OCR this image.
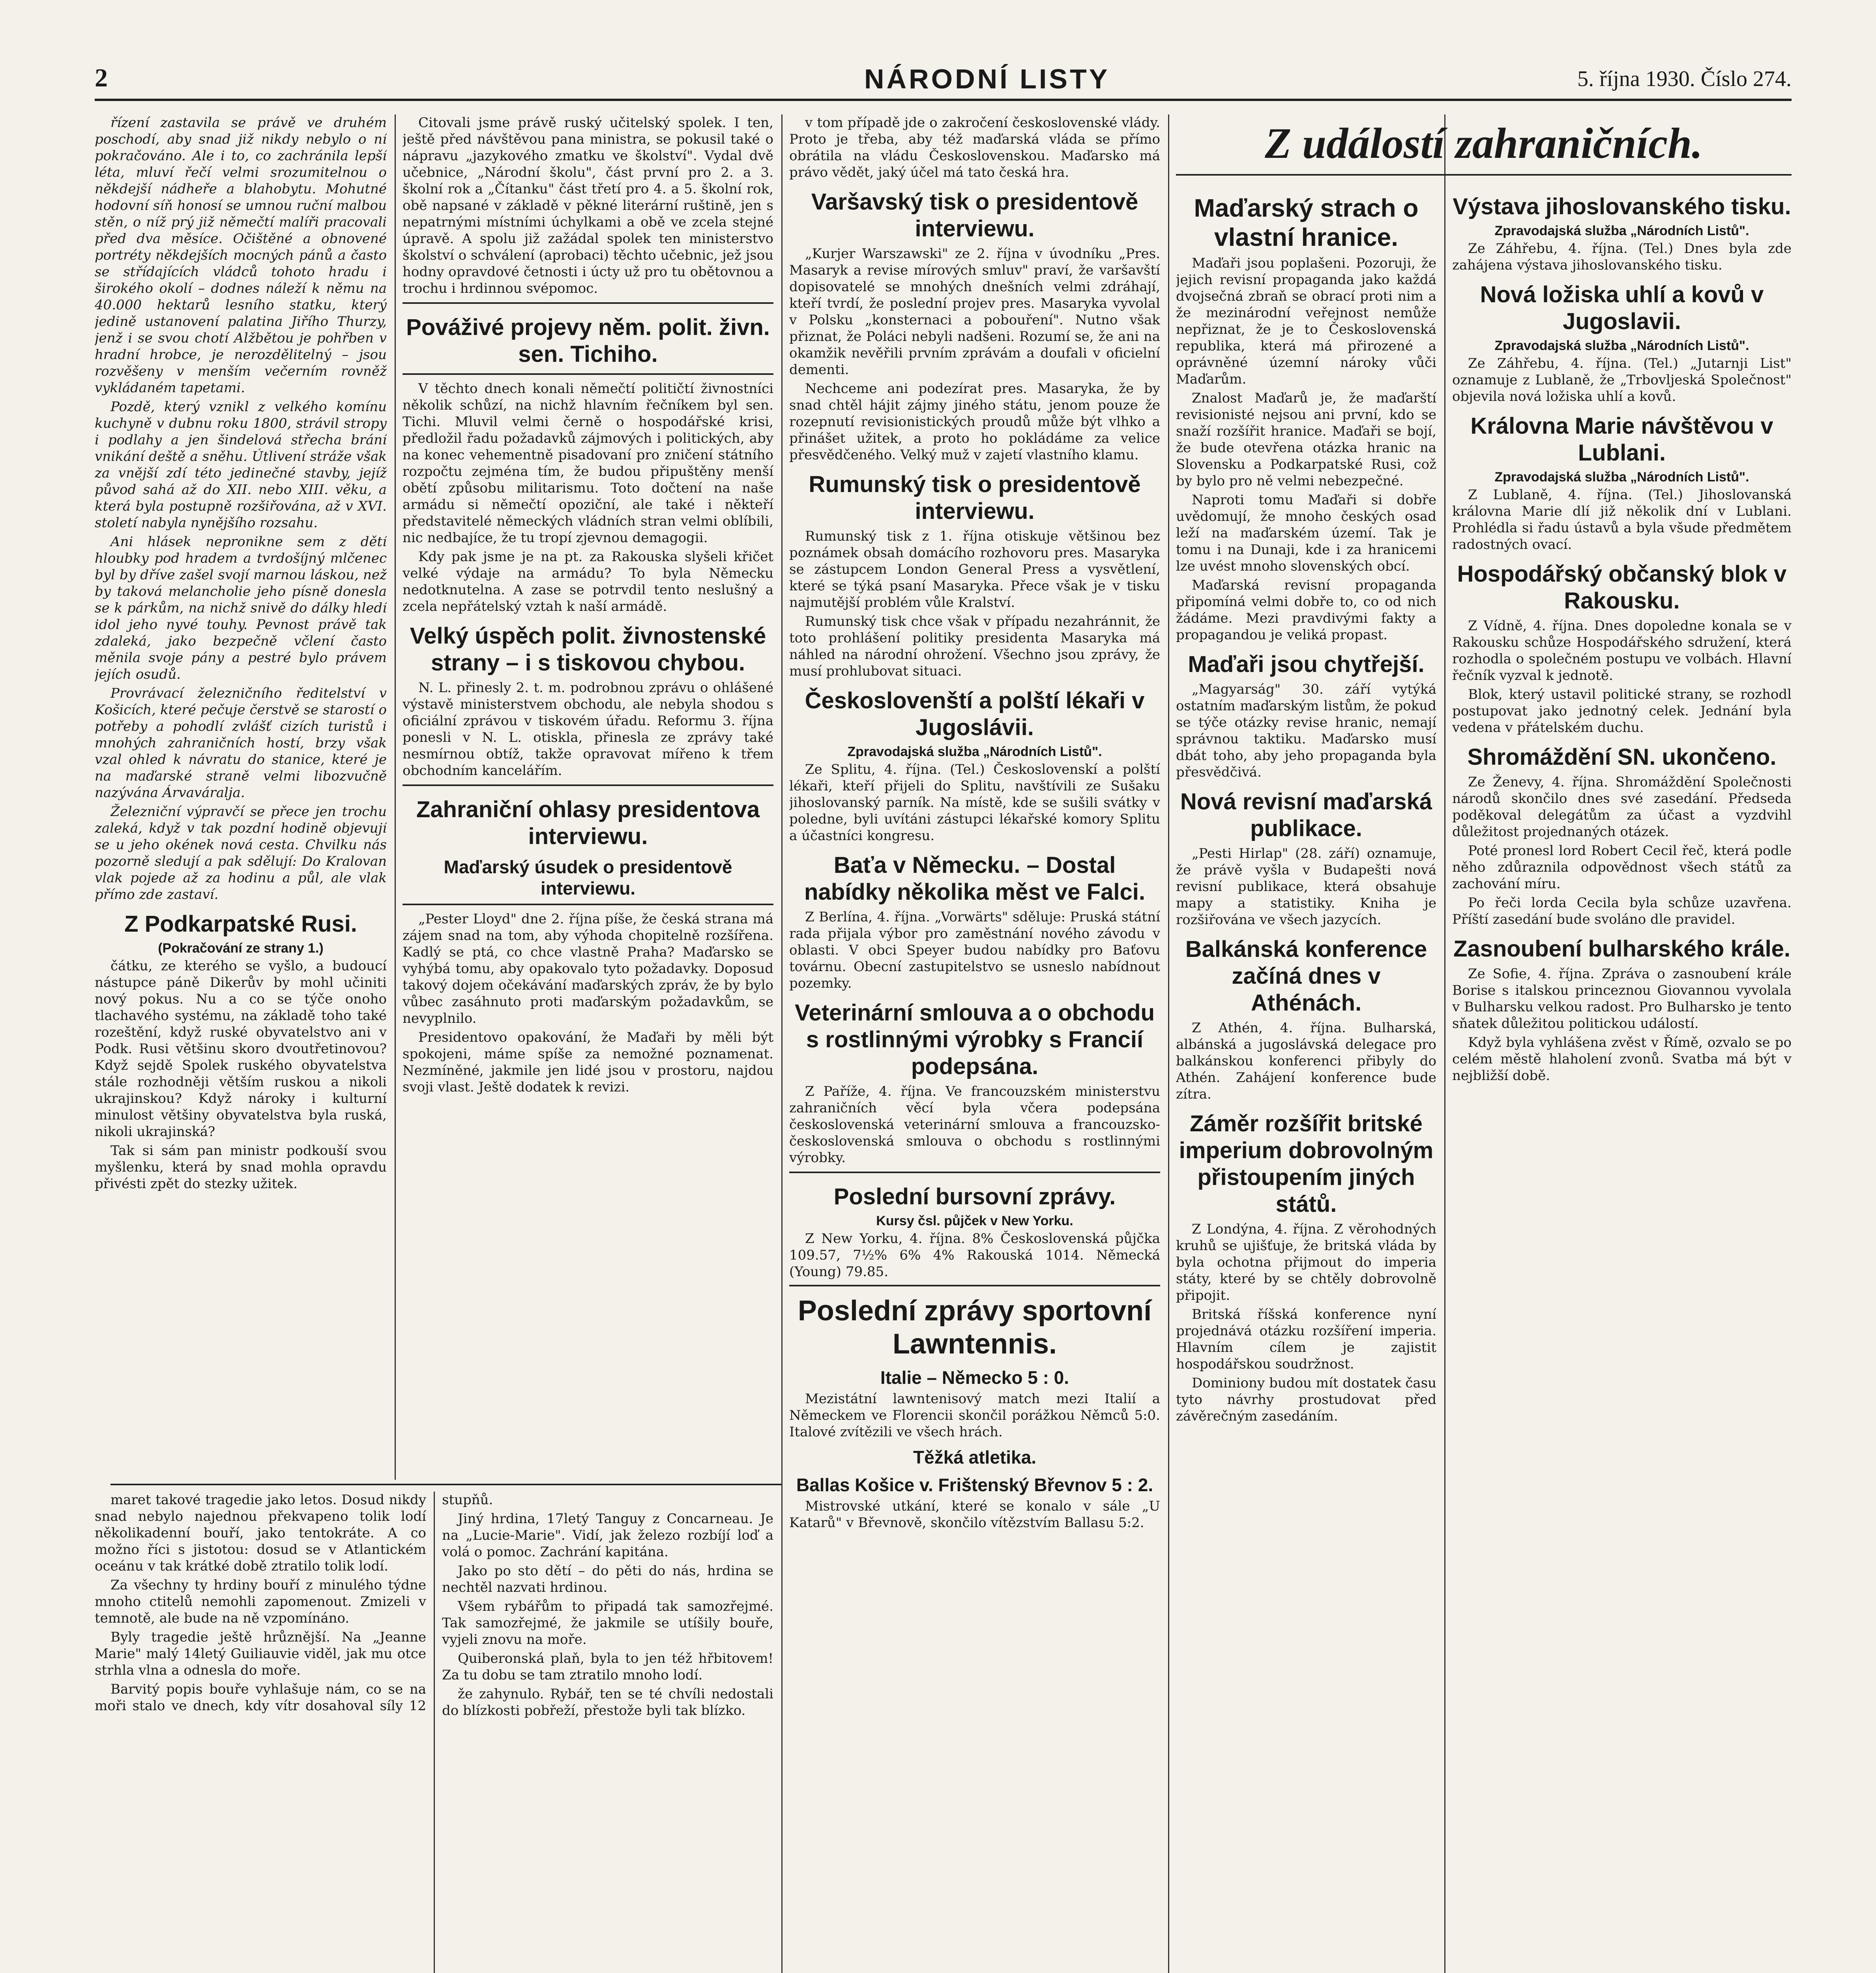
2	NÁRODNÍ LISTY	5. října 1930. Číslo 274.

řízení zastavila se právě ve druhém poschodí, aby snad již nikdy nebylo o ní pokračováno. Ale i to, co zachránila lepší léta, mluví řečí velmi srozumitelnou o někdejší nádheře a blahobytu. Mohutné hodovní síň honosí se umnou ruční malbou stěn, o níž prý již němečtí malíři pracovali před dva měsíce. Očištěné a obnovené portréty někdejších mocných pánů a často se střídajících vládců tohoto hradu i širokého okolí – dodnes náleží k němu na 40.000 hektarů lesního statku, který jedině ustanovení palatina Jiřího Thurzy, jenž i se svou chotí Alžbětou je pohřben v hradní hrobce, je nerozdělitelný – jsou rozvěšeny v menším večerním rovněž vykládaném tapetami.

Pozdě, který vznikl z velkého komínu kuchyně v dubnu roku 1800, strávil stropy i podlahy a jen šindelová střecha brání vnikání deště a sněhu. Útlivení stráže však za vnější zdí této jedinečné stavby, jejíž původ sahá až do XII. nebo XIII. věku, a která byla postupně rozšiřována, až v XVI. století nabyla nynějšího rozsahu.

Ani hlásek nepronikne sem z dětí hloubky pod hradem a tvrdošíjný mlčenec byl by dříve zašel svojí marnou láskou, než by taková melancholie jeho písně donesla se k párkům, na nichž snivě do dálky hledí idol jeho nyvé touhy. Pevnost právě tak zdaleká, jako bezpečně včlení často měnila svoje pány a pestré bylo právem jejích osudů.

Provrávací železničního ředitelství v Košicích, které pečuje čerstvě se starostí o potřeby a pohodlí zvlášť cizích turistů i mnohých zahraničních hostí, brzy však vzal ohled k návratu do stanice, které je na maďarské straně velmi libozvučně nazývána Árvaváralja.

Železniční výpravčí se přece jen trochu zaleká, když v tak pozdní hodině objevují se u jeho okének nová cesta. Chvilku nás pozorně sledují a pak sdělují: Do Kralovan vlak pojede až za hodinu a půl, ale vlak přímo zde zastaví.

Z Podkarpatské Rusi.
(Pokračování ze strany 1.)

čátku, ze kterého se vyšlo, a budoucí nástupce páně Dikerův by mohl učiniti nový pokus. Nu a co se týče onoho tlachavého systému, na základě toho také rozeštění, když ruské obyvatelstvo ani v Podk. Rusi většinu skoro dvoutřetinovou? Když sejdě Spolek ruského obyvatelstva stále rozhodněji větším ruskou a nikoli ukrajinskou? Když nároky i kulturní minulost většiny obyvatelstva byla ruská, nikoli ukrajinská?

Tak si sám pan ministr podkouší svou myšlenku, která by snad mohla opravdu přivésti zpět do stezky užitek.

Citovali jsme právě ruský učitelský spolek. I ten, ještě před návštěvou pana ministra, se pokusil také o nápravu „jazykového zmatku ve školství". Vydal dvě učebnice, „Národní školu", část první pro 2. a 3. školní rok a „Čítanku" část třetí pro 4. a 5. školní rok, obě napsané v základě v pěkné literární ruštině, jen s nepatrnými místními úchylkami a obě ve zcela stejné úpravě. A spolu již zažádal spolek ten ministerstvo školství o schválení (aprobaci) těchto učebnic, jež jsou hodny opravdové četnosti i úcty už pro tu obětovnou a trochu i hrdinnou svépomoc.

Pováživé projevy něm. polit. živn. sen. Tichiho.

V těchto dnech konali němečtí političtí živnostníci několik schůzí, na nichž hlavním řečníkem byl sen. Tichi. Mluvil velmi černě o hospodářské krisi, předložil řadu požadavků zájmových i politických, aby na konec vehementně pisadovaní pro zničení státního rozpočtu zejména tím, že budou připuštěny menší obětí způsobu militarismu. Toto dočtení na naše armádu si němečtí opoziční, ale také i někteří představitelé německých vládních stran velmi oblíbili, nic nedbajíce, že tu tropí zjevnou demagogii.

Kdy pak jsme je na pt. za Rakouska slyšeli křičet velké výdaje na armádu? To byla Německu nedotknutelna. A zase se potrvdil tento neslušný a zcela nepřátelský vztah k naší armádě.

Velký úspěch polit. živnostenské strany – i s tiskovou chybou.

N. L. přinesly 2. t. m. podrobnou zprávu o ohlášené výstavě ministerstvem obchodu, ale nebyla shodou s oficiální zprávou v tiskovém úřadu. Reformu 3. října ponesli v N. L. otiskla, přinesla ze zprávy také nesmírnou obtíž, takže opravovat mířeno k třem obchodním kancelářím.

Zahraniční ohlasy presidentova interviewu.
Maďarský úsudek o presidentově interviewu.

„Pester Lloyd" dne 2. října píše, že česká strana má zájem snad na tom, aby výhoda chopitelně rozšířena. Kadlý se ptá, co chce vlastně Praha? Maďarsko se vyhýbá tomu, aby opakovalo tyto požadavky. Doposud takový dojem očekávání maďarských zpráv, že by bylo vůbec zasáhnuto proti maďarským požadavkům, se nevyplnilo.

Presidentovo opakování, že Maďaři by měli být spokojeni, máme spíše za nemožné poznamenat. Nezmíněné, jakmile jen lidé jsou v prostoru, najdou svoji vlast. Ještě dodatek k revizi.

v tom případě jde o zakročení československé vlády. Proto je třeba, aby též maďarská vláda se přímo obrátila na vládu Československou. Maďarsko má právo vědět, jaký účel má tato česká hra.

Varšavský tisk o presidentově interviewu.

„Kurjer Warszawski" ze 2. října v úvodníku „Pres. Masaryk a revise mírových smluv" praví, že varšavští dopisovatelé se mnohých dnešních velmi zdráhají, kteří tvrdí, že poslední projev pres. Masaryka vyvolal v Polsku „konsternaci a pobouření". Nutno však přiznat, že Poláci nebyli nadšeni. Rozumí se, že ani na okamžik nevěřili prvním zprávám a doufali v oficielní dementi.

Nechceme ani podezírat pres. Masaryka, že by snad chtěl hájit zájmy jiného státu, jenom pouze že rozepnutí revisionistických proudů může být vlhko a přinášet užitek, a proto ho pokládáme za velice přesvědčeného. Velký muž v zajetí vlastního klamu.

Rumunský tisk o presidentově interviewu.

Rumunský tisk z 1. října otiskuje většinou bez poznámek obsah domácího rozhovoru pres. Masaryka se zástupcem London General Press a vysvětlení, které se týká psaní Masaryka. Přece však je v tisku najmutější problém vůle Kralství.

Rumunský tisk chce však v případu nezahránnit, že toto prohlášení politiky presidenta Masaryka má náhled na národní ohrožení. Všechno jsou zprávy, že musí prohlubovat situaci.

Českoslovenští a polští lékaři v Jugoslávii.
Zpravodajská služba „Národních Listů".

Ze Splitu, 4. října. (Tel.) Československí a polští lékaři, kteří přijeli do Splitu, navštívili ze Sušaku jihoslovanský parník. Na místě, kde se sušili svátky v poledne, byli uvítáni zástupci lékařské komory Splitu a účastníci kongresu.

Baťa v Německu. – Dostal nabídky několika měst ve Falci.

Z Berlína, 4. října. „Vorwärts" sděluje: Pruská státní rada přijala výbor pro zaměstnání nového závodu v oblasti. V obci Speyer budou nabídky pro Baťovu továrnu. Obecní zastupitelstvo se usneslo nabídnout pozemky.

Veterinární smlouva a o obchodu s rostlinnými výrobky s Francií podepsána.

Z Paříže, 4. října. Ve francouzském ministerstvu zahraničních věcí byla včera podepsána československá veterinární smlouva a francouzsko-československá smlouva o obchodu s rostlinnými výrobky.

Poslední bursovní zprávy.
Kursy čsl. půjček v New Yorku.

Z New Yorku, 4. října. 8% Československá půjčka 109.57, 7½% 6% 4% Rakouská 1014. Německá (Young) 79.85.

Poslední zprávy sportovní Lawntennis.
Italie – Německo 5 : 0.

Mezistátní lawntenisový match mezi Italií a Německem ve Florencii skončil porážkou Němců 5:0. Italové zvítězili ve všech hrách.

Těžká atletika.
Ballas Košice v. Frištenský Břevnov 5 : 2.

Mistrovské utkání, které se konalo v sále „U Katarů" v Břevnově, skončilo vítězstvím Ballasu 5:2.

Z událostí zahraničních.
Maďarský strach o vlastní hranice.

Maďaři jsou poplašeni. Pozoruji, že jejich revisní propaganda jako každá dvojsečná zbraň se obrací proti nim a že mezinárodní veřejnost nemůže nepřiznat, že je to Československá republika, která má přirozené a oprávněné územní nároky vůči Maďarům.

Znalost Maďarů je, že maďarští revisionisté nejsou ani první, kdo se snaží rozšířit hranice. Maďaři se bojí, že bude otevřena otázka hranic na Slovensku a Podkarpatské Rusi, což by bylo pro ně velmi nebezpečné.

Naproti tomu Maďaři si dobře uvědomují, že mnoho českých osad leží na maďarském území. Tak je tomu i na Dunaji, kde i za hranicemi lze uvést mnoho slovenských obcí.

Maďarská revisní propaganda připomíná velmi dobře to, co od nich žádáme. Mezi pravdivými fakty a propagandou je veliká propast.

Maďaři jsou chytřejší.

„Magyarság" 30. září vytýká ostatním maďarským listům, že pokud se týče otázky revise hranic, nemají správnou taktiku. Maďarsko musí dbát toho, aby jeho propaganda byla přesvědčivá.

Nová revisní maďarská publikace.

„Pesti Hirlap" (28. září) oznamuje, že právě vyšla v Budapešti nová revisní publikace, která obsahuje mapy a statistiky. Kniha je rozšiřována ve všech jazycích.

Balkánská konference začíná dnes v Athénách.

Z Athén, 4. října. Bulharská, albánská a jugoslávská delegace pro balkánskou konferenci přibyly do Athén. Zahájení konference bude zítra.

Záměr rozšířit britské imperium dobrovolným přistoupením jiných států.

Z Londýna, 4. října. Z věrohodných kruhů se ujišťuje, že britská vláda by byla ochotna přijmout do imperia státy, které by se chtěly dobrovolně připojit.

Britská říšská konference nyní projednává otázku rozšíření imperia. Hlavním cílem je zajistit hospodářskou soudržnost.

Dominiony budou mít dostatek času tyto návrhy prostudovat před závěrečným zasedáním.

Výstava jihoslovanského tisku.
Zpravodajská služba „Národních Listů".

Ze Záhřebu, 4. října. (Tel.) Dnes byla zde zahájena výstava jihoslovanského tisku.

Nová ložiska uhlí a kovů v Jugoslavii.
Zpravodajská služba „Národních Listů".

Ze Záhřebu, 4. října. (Tel.) „Jutarnji List" oznamuje z Lublaně, že „Trbovljeská Společnost" objevila nová ložiska uhlí a kovů.

Královna Marie návštěvou v Lublani.
Zpravodajská služba „Národních Listů".

Z Lublaně, 4. října. (Tel.) Jihoslovanská královna Marie dlí již několik dní v Lublani. Prohlédla si řadu ústavů a byla všude předmětem radostných ovací.

Hospodářský občanský blok v Rakousku.

Z Vídně, 4. října. Dnes dopoledne konala se v Rakousku schůze Hospodářského sdružení, která rozhodla o společném postupu ve volbách. Hlavní řečník vyzval k jednotě.

Blok, který ustavil politické strany, se rozhodl postupovat jako jednotný celek. Jednání byla vedena v přátelském duchu.

Shromáždění SN. ukončeno.

Ze Ženevy, 4. října. Shromáždění Společnosti národů skončilo dnes své zasedání. Předseda poděkoval delegátům za účast a vyzdvihl důležitost projednaných otázek.

Poté pronesl lord Robert Cecil řeč, která podle něho zdůraznila odpovědnost všech států za zachování míru.

Po řeči lorda Cecila byla schůze uzavřena. Příští zasedání bude svoláno dle pravidel.

Zasnoubení bulharského krále.

Ze Sofie, 4. října. Zpráva o zasnoubení krále Borise s italskou princeznou Giovannou vyvolala v Bulharsku velkou radost. Pro Bulharsko je tento sňatek důležitou politickou událostí.

Když byla vyhlášena zvěst v Římě, ozvalo se po celém městě hlaholení zvonů. Svatba má být v nejbližší době.

maret takové tragedie jako letos. Dosud nikdy snad nebylo najednou překvapeno tolik lodí několikadenní bouří, jako tentokráte. A co možno říci s jistotou: dosud se v Atlantickém oceánu v tak krátké době ztratilo tolik lodí.

Za všechny ty hrdiny bouří z minulého týdne mnoho ctitelů nemohli zapomenout. Zmizeli v temnotě, ale bude na ně vzpomínáno.

Byly tragedie ještě hrůznější. Na „Jeanne Marie" malý 14letý Guiliauvie viděl, jak mu otce strhla vlna a odnesla do moře.

Barvitý popis bouře vyhlašuje nám, co se na moři stalo ve dnech, kdy vítr dosahoval síly 12 stupňů.

Jiný hrdina, 17letý Tanguy z Concarneau. Je na „Lucie-Marie". Vidí, jak železo rozbíjí loď a volá o pomoc. Zachrání kapitána.

Jako po sto dětí – do pěti do nás, hrdina se nechtěl nazvati hrdinou.

Všem rybářům to připadá tak samozřejmé. Tak samozřejmé, že jakmile se utíšily bouře, vyjeli znovu na moře.

Quiberonská plaň, byla to jen též hřbitovem! Za tu dobu se tam ztratilo mnoho lodí.

že zahynulo. Rybář, ten se té chvíli nedostali do blízkosti pobřeží, přestože byli tak blízko.
